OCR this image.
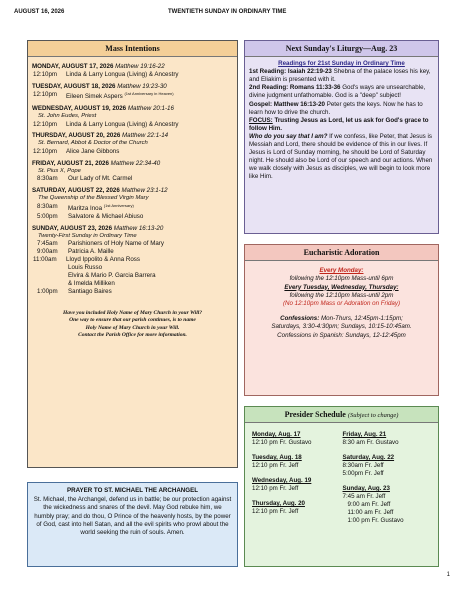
AUGUST 16, 2026	TWENTIETH SUNDAY IN ORDINARY TIME
Mass Intentions
MONDAY, AUGUST 17, 2026 Matthew 19:16-22
12:10pm	Linda & Larry Longua (Living) & Ancestry
TUESDAY, AUGUST 18, 2026 Matthew 19:23-30
12:10pm	Eileen Simek Aspers $^{(1st Anniversary in Heaven)}$
WEDNESDAY, AUGUST 19, 2026 Matthew 20:1-16
St. John Eudes, Priest
12:10pm	Linda & Larry Longua (Living) & Ancestry
THURSDAY, AUGUST 20, 2026 Matthew 22:1-14
St. Bernard, Abbot & Doctor of the Church
12:10pm	Alice Jane Gibbons
FRIDAY, AUGUST 21, 2026 Matthew 22:34-40
St. Pius X, Pope
8:30am	Our Lady of Mt. Carmel
SATURDAY, AUGUST 22, 2026 Matthew 23:1-12
The Queenship of the Blessed Virgin Mary
8:30am	Maritza Inoa $^{(1st Anniversary)}$
5:00pm	Salvatore & Michael Abiuso
SUNDAY, AUGUST 23, 2026 Matthew 16:13-20
Twenty-First Sunday in Ordinary Time
7:45am	Parishioners of Holy Name of Mary
9:00am	Patricia A. Maille
11:00am	Lloyd Ippolito & Anna Ross
Louis Russo
Elvira & Mario P. Garcia Barrera
& Imelda Milliken
1:00pm	Santiago Baires
Have you included Holy Name of Mary Church in your Will?
One way to ensure that our parish continues, is to name
Holy Name of Mary Church in your Will.
Contact the Parish Office for more information.
PRAYER TO ST. MICHAEL THE ARCHANGEL
St. Michael, the Archangel, defend us in battle; be our protection against the wickedness and snares of the devil. May God rebuke him, we humbly pray; and do thou, O Prince of the heavenly hosts, by the power of God, cast into hell Satan, and all the evil spirits who prowl about the world seeking the ruin of souls. Amen.
Next Sunday's Liturgy—Aug. 23
Readings for 21st Sunday in Ordinary Time
1st Reading: Isaiah 22:19-23 Shebna of the palace loses his key, and Eliakim is presented with it.
2nd Reading: Romans 11:33-36 God's ways are unsearchable, divine judgment unfathomable. God is a "deep" subject!
Gospel: Matthew 16:13-20 Peter gets the keys. Now he has to learn how to drive the church.
FOCUS: Trusting Jesus as Lord, let us ask for God's grace to follow Him.
Who do you say that I am? If we confess, like Peter, that Jesus is Messiah and Lord, there should be evidence of this in our lives. If Jesus is Lord of Sunday morning, he should be Lord of Saturday night. He should also be Lord of our speech and our actions. When we walk closely with Jesus as disciples, we will begin to look more like Him.
Eucharistic Adoration
Every Monday:
following the 12:10pm Mass-until 6pm
Every Tuesday, Wednesday, Thursday:
following the 12:10pm Mass-until 2pm
(No 12:10pm Mass or Adoration on Friday)
Confessions: Mon-Thurs, 12:45pm-1:15pm;
Saturdays, 3:30-4:30pm; Sundays, 10:15-10:45am.
Confessions in Spanish: Sundays, 12-12:45pm
Presider Schedule (Subject to change)
Monday, Aug. 17
12:10 pm Fr. Gustavo
Tuesday, Aug. 18
12:10 pm Fr. Jeff
Wednesday, Aug. 19
12:10 pm Fr. Jeff
Thursday, Aug. 20
12:10 pm Fr. Jeff
Friday, Aug. 21
8:30 am Fr. Gustavo
Saturday, Aug. 22
8:30am Fr. Jeff
5:00pm Fr. Jeff
Sunday, Aug. 23
7:45 am Fr. Jeff
9:00 am Fr. Jeff
11:00 am Fr. Jeff
1:00 pm Fr. Gustavo
1
